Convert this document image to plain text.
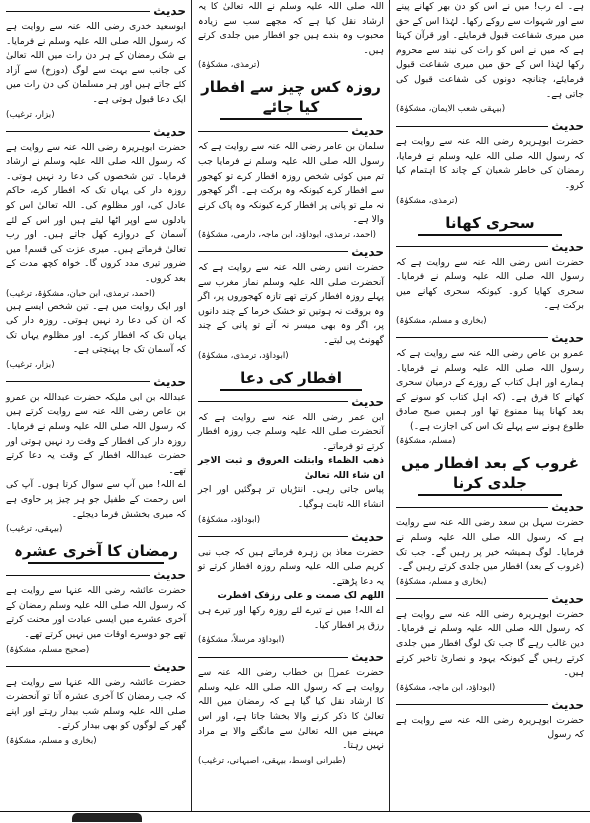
ہے۔ اے رب! میں نے اس کو دن بھر کھانے پینے سے اور شہوات سے روکے رکھا۔ لہٰذا اس کے حق میں میری شفاعت قبول فرمایئے۔ اور قرآن کہتا ہے کہ میں نے اس کو رات کی نیند سے محروم رکھا لہٰذا اس کے حق میں میری شفاعت قبول فرمایئے، چنانچہ دونوں کی شفاعت قبول کی جاتی ہے۔

(بیہقی شعب الایمان، مشکوٰۃ)

حدیث

حضرت ابوہریرہ رضی اللہ عنہ سے روایت ہے کہ رسول اللہ صلی اللہ علیہ وسلم نے فرمایا، رمضان کی خاطر شعبان کے چاند کا اہتمام کیا کرو۔

(ترمذی، مشکوٰۃ)

سحری کھانا
حدیث

حضرت انس رضی اللہ عنہ سے روایت ہے کہ رسول اللہ صلی اللہ علیہ وسلم نے فرمایا۔ سحری کھایا کرو۔ کیونکہ سحری کھانے میں برکت ہے۔

(بخاری و مسلم، مشکوٰۃ)

حدیث

عمرو بن عاص رضی اللہ عنہ سے روایت ہے کہ رسول اللہ صلی اللہ علیہ وسلم نے فرمایا۔ ہمارے اور اہل کتاب کے روزے کے درمیان سحری کھانے کا فرق ہے۔ (کہ اہل کتاب کو سونے کے بعد کھانا پینا ممنوع تھا اور ہمیں صبح صادق طلوع ہونے سے پہلے تک اس کی اجازت ہے۔)

(مسلم، مشکوٰۃ)

غروب کے بعد افطار میں جلدی کرنا
حدیث

حضرت سہل بن سعد رضی اللہ عنہ سے روایت ہے کہ رسول اللہ صلی اللہ علیہ وسلم نے فرمایا۔ لوگ ہمیشہ خیر پر رہیں گے۔ جب تک (غروب کے بعد) افطار میں جلدی کرتے رہیں گے۔

(بخاری و مسلم، مشکوٰۃ)

حدیث

حضرت ابوہریرہ رضی اللہ عنہ سے روایت ہے کہ رسول اللہ صلی اللہ علیہ وسلم نے فرمایا۔ دین غالب رہے گا جب تک لوگ افطار میں جلدی کرتے رہیں گے کیونکہ یہود و نصاریٰ تاخیر کرتے ہیں۔

(ابوداؤد، ابن ماجہ، مشکوٰۃ)

حدیث

حضرت ابوہریرہ رضی اللہ عنہ سے روایت ہے کہ رسول

اللہ صلی اللہ علیہ وسلم نے اللہ تعالیٰ کا یہ ارشاد نقل کیا ہے کہ مجھے سب سے زیادہ محبوب وہ بندے ہیں جو افطار میں جلدی کرتے ہیں۔

(ترمذی، مشکوٰۃ)

روزہ کس چیز سے افطار کیا جائے
حدیث

سلمان بن عامر رضی اللہ عنہ سے روایت ہے کہ رسول اللہ صلی اللہ علیہ وسلم نے فرمایا جب تم میں کوئی شخص روزہ افطار کرے تو کھجور سے افطار کرے کیونکہ وہ برکت ہے۔ اگر کھجور نہ ملے تو پانی پر افطار کرے کیونکہ وہ پاک کرنے والا ہے۔

(احمد، ترمذی، ابوداؤد، ابن ماجہ، دارمی، مشکوٰۃ)

حدیث

حضرت انس رضی اللہ عنہ سے روایت ہے کہ آنحضرت صلی اللہ علیہ وسلم نماز مغرب سے پہلے روزہ افطار کرتے تھے تازہ کھجوروں پر، اگر وہ بروقت نہ ہوتیں تو خشک خرما کے چند دانوں پر، اگر وہ بھی میسر نہ آتے تو پانی کے چند گھونٹ پی لیتے۔

(ابوداؤد، ترمذی، مشکوٰۃ)

افطار کی دعا
حدیث

ابن عمر رضی اللہ عنہ سے روایت ہے کہ آنحضرت صلی اللہ علیہ وسلم جب روزہ افطار کرتے تو فرماتے۔

ذھب الظماء وابتلت العروق و ثبت الاجر ان شاء اللہ تعالیٰ

پیاس جاتی رہی۔ انتڑیاں تر ہوگئیں اور اجر انشاء اللہ ثابت ہوگیا۔

(ابوداؤد، مشکوٰۃ)

حدیث

حضرت معاذ بن زہرہ فرماتے ہیں کہ جب نبی کریم صلی اللہ علیہ وسلم روزہ افطار کرتے تو یہ دعا پڑھتے۔

اللھم لک صمت و علی رزقک افطرت

اے اللہ! میں نے تیرے لئے روزہ رکھا اور تیرے ہی رزق پر افطار کیا۔

(ابوداؤد مرسلاً، مشکوٰۃ)

حدیث

حضرت عمرؓ بن خطاب رضی اللہ عنہ سے روایت ہے کہ رسول اللہ صلی اللہ علیہ وسلم کا ارشاد نقل کیا گیا ہے کہ رمضان میں اللہ تعالیٰ کا ذکر کرنے والا بخشا جاتا ہے، اور اس مہینے میں اللہ تعالیٰ سے مانگنے والا بے مراد نہیں رہتا۔

(طبرانی اوسط، بیہقی، اصبہانی، ترغیب)

حدیث

ابوسعید خدری رضی اللہ عنہ سے روایت ہے کہ رسول اللہ صلی اللہ علیہ وسلم نے فرمایا۔ بے شک رمضان کے ہر دن رات میں اللہ تعالیٰ کی جانب سے بہت سے لوگ (دوزخ) سے آزاد کئے جاتے ہیں اور ہر مسلمان کی دن رات میں ایک دعا قبول ہوتی ہے۔

(بزار، ترغیب)

حدیث

حضرت ابوہریرہ رضی اللہ عنہ سے روایت ہے کہ رسول اللہ صلی اللہ علیہ وسلم نے ارشاد فرمایا۔ تین شخصوں کی دعا رد نہیں ہوتی۔ روزہ دار کی یہاں تک کہ افطار کرے، حاکم عادل کی، اور مظلوم کی۔ اللہ تعالیٰ اس کو بادلوں سے اوپر اٹھا لیتے ہیں اور اس کے لئے آسمان کے دروازے کھل جاتے ہیں۔ اور رب تعالیٰ فرماتے ہیں۔ میری عزت کی قسم! میں ضرور تیری مدد کروں گا۔ خواہ کچھ مدت کے بعد کروں۔

(احمد، ترمذی، ابن حبان، مشکوٰۃ، ترغیب)

اور ایک روایت میں ہے۔ تین شخص ایسے ہیں کہ ان کی دعا رد نہیں ہوتی۔ روزہ دار کی یہاں تک کہ افطار کرے۔ اور مظلوم یہاں تک کہ آسمان تک جا پہنچتی ہے۔

(بزار، ترغیب)

حدیث

عبداللہ بن ابی ملیکہ حضرت عبداللہ بن عمرو بن عاص رضی اللہ عنہ سے روایت کرتے ہیں کہ رسول اللہ صلی اللہ علیہ وسلم نے فرمایا۔ روزہ دار کی افطار کے وقت رد نہیں ہوتی اور حضرت عبداللہ افطار کے وقت یہ دعا کرتے تھے۔

اے اللہ! میں آپ سے سوال کرتا ہوں۔ آپ کی اس رحمت کے طفیل جو ہر چیز پر حاوی ہے کہ میری بخشش فرما دیجئے۔

(بیہقی، ترغیب)

رمضان کا آخری عشرہ
حدیث

حضرت عائشہ رضی اللہ عنہا سے روایت ہے کہ رسول اللہ صلی اللہ علیہ وسلم رمضان کے آخری عشرے میں ایسی عبادت اور محنت کرتے تھے جو دوسرے اوقات میں نہیں کرتے تھے۔

(صحیح مسلم، مشکوٰۃ)

حدیث

حضرت عائشہ رضی اللہ عنہا سے روایت ہے کہ جب رمضان کا آخری عشرہ آتا تو آنحضرت صلی اللہ علیہ وسلم شب بیدار رہتے اور اپنے گھر کے لوگوں کو بھی بیدار کرتے۔

(بخاری و مسلم، مشکوٰۃ)
